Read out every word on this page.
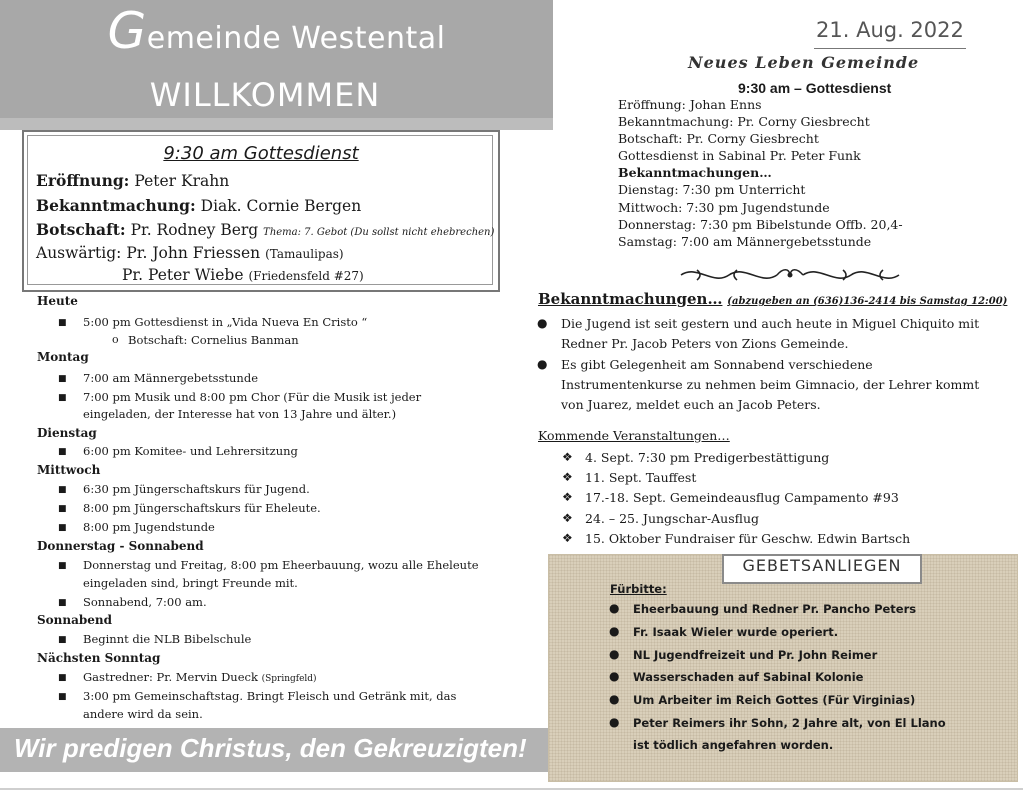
Gemeinde Westental
WILLKOMMEN
9:30 am Gottesdienst
Eröffnung: Peter Krahn
Bekanntmachung: Diak. Cornie Bergen
Botschaft: Pr. Rodney Berg Thema: 7. Gebot (Du sollst nicht ehebrechen)
Auswärtig: Pr. John Friessen (Tamaulipas)
Pr. Peter Wiebe (Friedensfeld #27)
Heute
■ 5:00 pm Gottesdienst in „Vida Nueva En Cristo “
o Botschaft: Cornelius Banman
Montag
■ 7:00 am Männergebetsstunde
■ 7:00 pm Musik und 8:00 pm Chor (Für die Musik ist jeder
eingeladen, der Interesse hat von 13 Jahre und älter.)
Dienstag
■ 6:00 pm Komitee- und Lehrersitzung
Mittwoch
■ 6:30 pm Jüngerschaftskurs für Jugend.
■ 8:00 pm Jüngerschaftskurs für Eheleute.
■ 8:00 pm Jugendstunde
Donnerstag - Sonnabend
■ Donnerstag und Freitag, 8:00 pm Eheerbauung, wozu alle Eheleute
eingeladen sind, bringt Freunde mit.
■ Sonnabend, 7:00 am.
Sonnabend
■ Beginnt die NLB Bibelschule
Nächsten Sonntag
■ Gastredner: Pr. Mervin Dueck (Springfeld)
■ 3:00 pm Gemeinschaftstag. Bringt Fleisch und Getränk mit, das
andere wird da sein.
Wir predigen Christus, den Gekreuzigten!
21. Aug. 2022
Neues Leben Gemeinde
9:30 am – Gottesdienst
Eröffnung: Johan Enns
Bekanntmachung: Pr. Corny Giesbrecht
Botschaft: Pr. Corny Giesbrecht
Gottesdienst in Sabinal Pr. Peter Funk
Bekanntmachungen…
Dienstag: 7:30 pm Unterricht
Mittwoch: 7:30 pm Jugendstunde
Donnerstag: 7:30 pm Bibelstunde Offb. 20,4-
Samstag: 7:00 am Männergebetsstunde
Bekanntmachungen… (abzugeben an (636)136-2414 bis Samstag 12:00)
● Die Jugend ist seit gestern und auch heute in Miguel Chiquito mit
Redner Pr. Jacob Peters von Zions Gemeinde.
● Es gibt Gelegenheit am Sonnabend verschiedene
Instrumentenkurse zu nehmen beim Gimnacio, der Lehrer kommt
von Juarez, meldet euch an Jacob Peters.
Kommende Veranstaltungen…
❖ 4. Sept. 7:30 pm Predigerbestättigung
❖ 11. Sept. Tauffest
❖ 17.-18. Sept. Gemeindeausflug Campamento #93
❖ 24. – 25. Jungschar-Ausflug
❖ 15. Oktober Fundraiser für Geschw. Edwin Bartsch
GEBETSANLIEGEN
Fürbitte:
● Eheerbauung und Redner Pr. Pancho Peters
● Fr. Isaak Wieler wurde operiert.
● NL Jugendfreizeit und Pr. John Reimer
● Wasserschaden auf Sabinal Kolonie
● Um Arbeiter im Reich Gottes (Für Virginias)
● Peter Reimers ihr Sohn, 2 Jahre alt, von El Llano
ist tödlich angefahren worden.
